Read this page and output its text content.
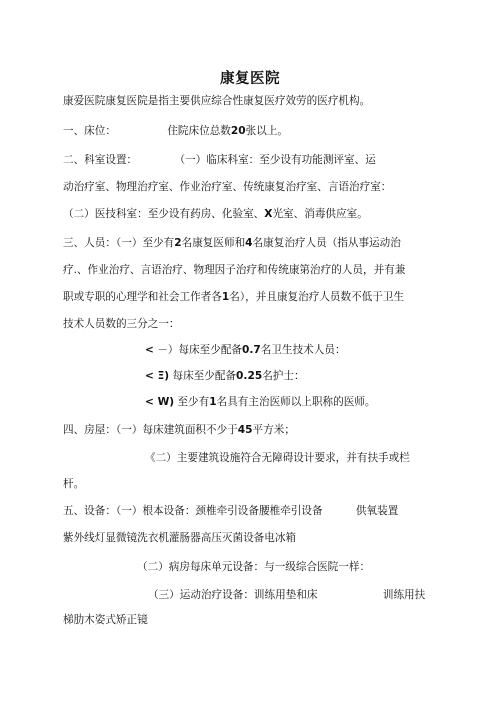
康复医院
康爱医院康复医院是指主要供应综合性康复医疗效劳的医疗机构。
一、床位：	住院床位总数20张以上。
二、科室设置：	（一）临床科室：至少设有功能测评室、运
动治疗室、物理治疗室、作业治疗室、传统康复治疗室、言语治疗室：
（二）医技科室：至少设有药房、化验室、X光室、消毒供应室。
三、人员：（一）至少有2名康复医师和4名康复治疗人员（指从事运动治
疗.、作业治疗、言语治疗、物理因子治疗和传统康第治疗的人员，并有兼
职或专职的心理学和社会工作者各1名），并且康复治疗人员数不低于卫生
技术人员数的三分之一：
< －）每床至少配备0.7名卫生技术人员：
< Ξ) 每床至少配备0.25名护士：
< W) 至少有1名具有主治医师以上职称的医师。
四、房屋：（一）每床建筑面积不少于45平方米；
《二）主要建筑设施符合无障碍设计要求，并有扶手或栏
杆。
五、设备：（一）根本设备：颈椎牵引设备腰椎牵引设备	供氧装置
紫外线灯显微镜洗衣机灌肠器高压灭菌设备电冰箱
（二）病房每床单元设备：与一级综合医院一样：
（三）运动治疗设备：训练用垫和床	训练用扶
梯肋木姿式矫正镜
